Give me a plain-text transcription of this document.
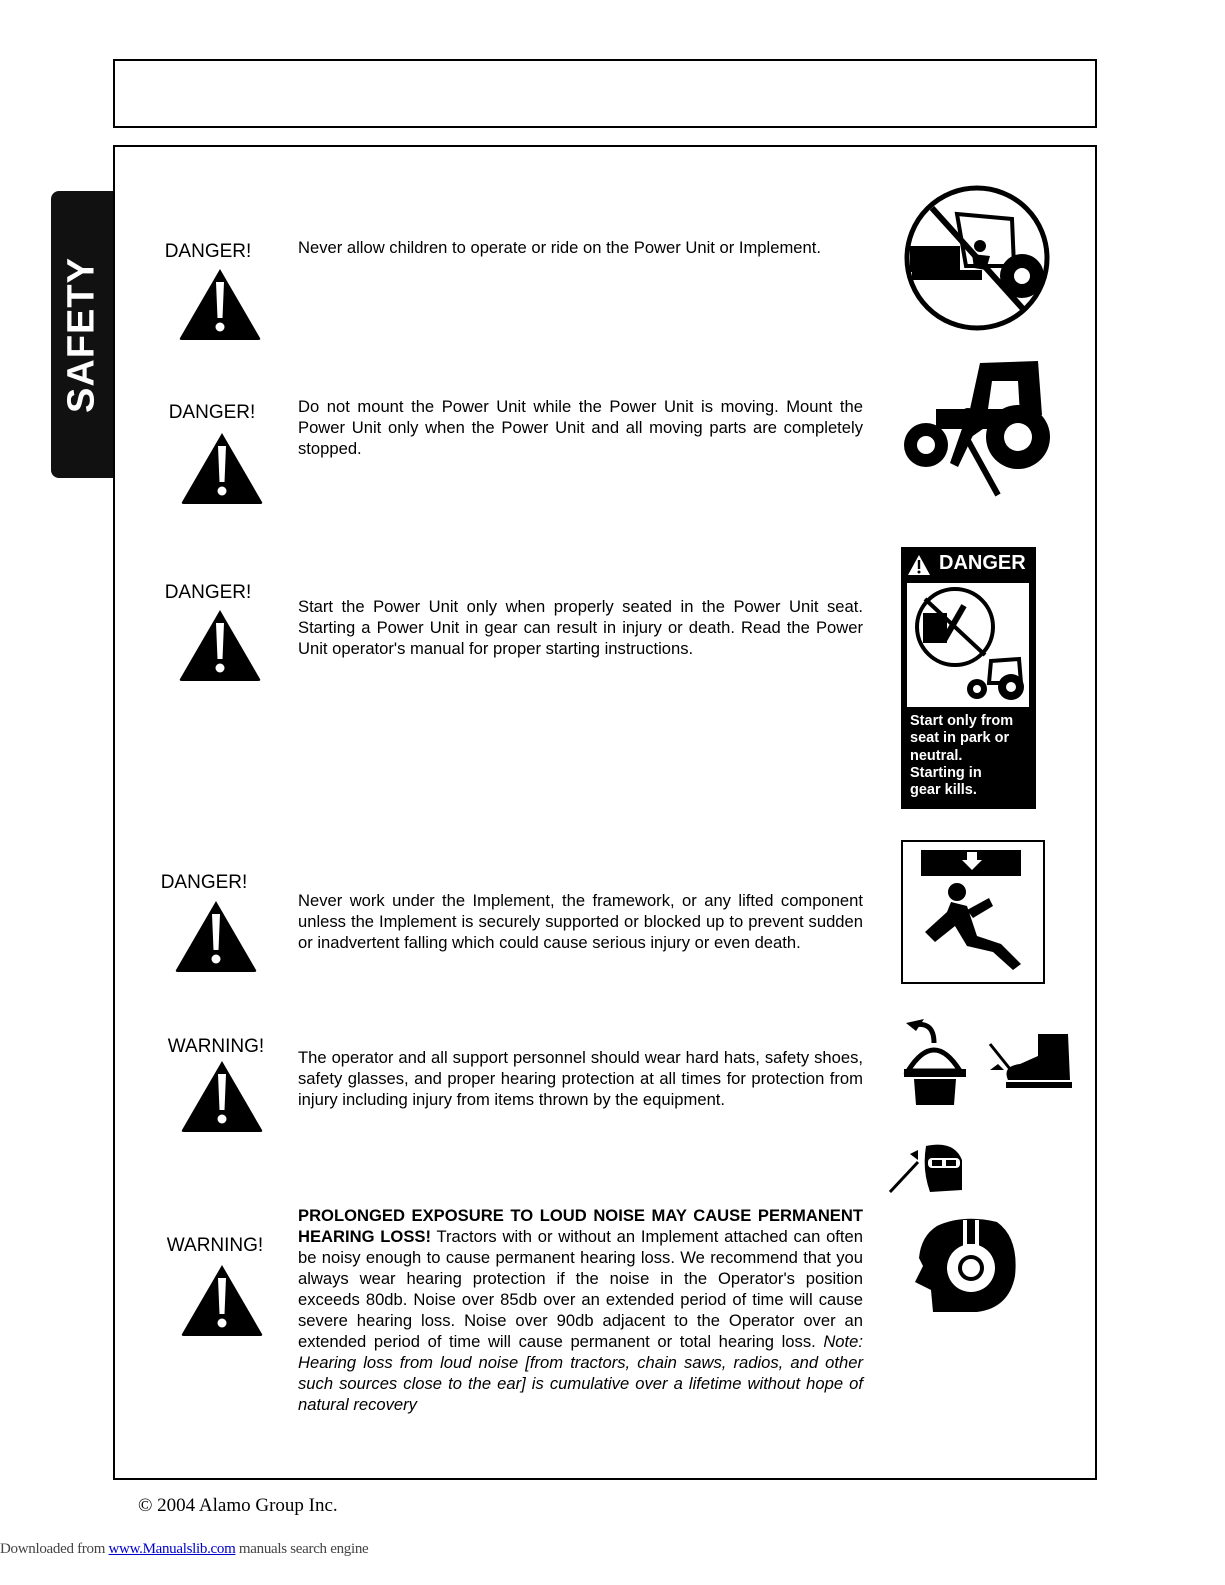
SAFETY
DANGER!	Never allow children to operate or ride on the Power Unit or Implement.
DANGER!	Do not mount the Power Unit while the Power Unit is moving. Mount the Power Unit only when the Power Unit and all moving parts are completely stopped.
DANGER!
Start the Power Unit only when properly seated in the Power Unit seat. Starting a Power Unit in gear can result in injury or death. Read the Power Unit operator's manual for proper starting instructions.
DANGER
Start only from
seat in park or
neutral.
Starting in
gear kills.
DANGER!
Never work under the Implement, the framework, or any lifted component unless the Implement is securely supported or blocked up to prevent sudden or inadvertent falling which could cause serious injury or even death.
WARNING!
The operator and all support personnel should wear hard hats, safety shoes, safety glasses, and proper hearing protection at all times for protection from injury including injury from items thrown by the equipment.
WARNING!
PROLONGED EXPOSURE TO LOUD NOISE MAY CAUSE PERMANENT HEARING LOSS! Tractors with or without an Implement attached can often be noisy enough to cause permanent hearing loss. We recommend that you always wear hearing protection if the noise in the Operator's position exceeds 80db. Noise over 85db over an extended period of time will cause severe hearing loss. Noise over 90db adjacent to the Operator over an extended period of time will cause permanent or total hearing loss. Note: Hearing loss from loud noise [from tractors, chain saws, radios, and other such sources close to the ear] is cumulative over a lifetime without hope of natural recovery
© 2004 Alamo Group Inc.
Downloaded from www.Manualslib.com manuals search engine
